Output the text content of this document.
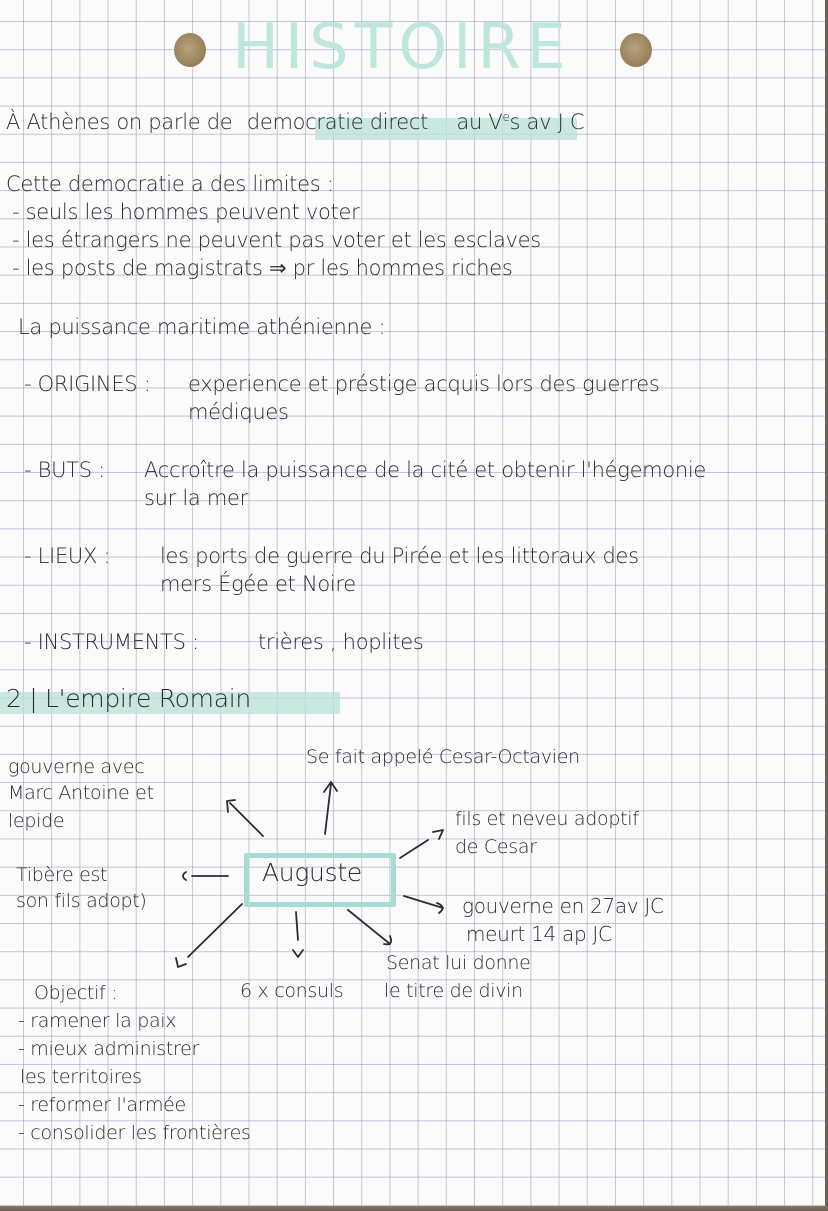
HISTOIRE
À Athènes on parle de democratie direct au Ves av J C
Cette democratie a des limites :
- seuls les hommes peuvent voter
- les étrangers ne peuvent pas voter et les esclaves
- les posts de magistrats ⇒ pr les hommes riches
La puissance maritime athénienne :
- ORIGINES : experience et préstige acquis lors des guerres
médiques
- BUTS : Accroître la puissance de la cité et obtenir l'hégemonie
sur la mer
- LIEUX : les ports de guerre du Pirée et les littoraux des
mers Égée et Noire
- INSTRUMENTS :	trières , hoplites
2 | L'empire Romain
Auguste
gouverne avec
Marc Antoine et
lepide
Se fait appelé Cesar-Octavien
fils et neveu adoptif
de Cesar
Tibère est
son fils adopt)	gouverne en 27av JC
meurt 14 ap JC
Senat lui donne
le titre de divin
6 x consuls
Objectif :
- ramener la paix
- mieux administrer
les territoires
- reformer l'armée
- consolider les frontières
